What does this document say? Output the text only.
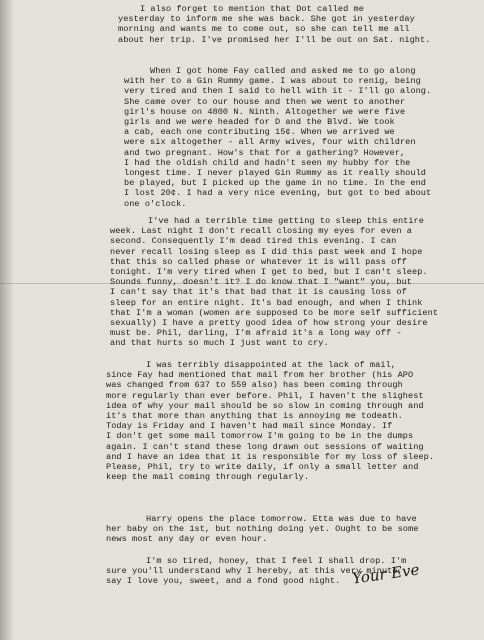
I also forget to mention that Dot called me
yesterday to inform me she was back. She got in yesterday
morning and wants me to come out, so she can tell me all
about her trip. I've promised her I'll be out on Sat. night.
When I got home Fay called and asked me to go along
with her to a Gin Rummy game. I was about to renig, being
very tired and then I said to hell with it - I'll go along.
She came over to our house and then we went to another
girl's house on 4800 N. Ninth. Altogether we were five
girls and we were headed for D and the Blvd. We took
a cab, each one contributing 15¢. When we arrived we
were six altogether - all Army wives, four with children
and two pregnant. How's that for a gathering? However,
I had the oldish child and hadn't seen my hubby for the
longest time. I never played Gin Rummy as it really should
be played, but I picked up the game in no time. In the end
I lost 20¢. I had a very nice evening, but got to bed about
one o'clock.
I've had a terrible time getting to sleep this entire
week. Last night I don't recall closing my eyes for even a
second. Consequently I'm dead tired this evening. I can
never recall losing sleep as I did this past week and I hope
that this so called phase or whatever it is will pass off
tonight. I'm very tired when I get to bed, but I can't sleep.
Sounds funny, doesn't it? I do know that I "want" you, but
I can't say that it's that bad that it is causing loss of
sleep for an entire night. It's bad enough, and when I think
that I'm a woman (women are supposed to be more self sufficient
sexually) I have a pretty good idea of how strong your desire
must be. Phil, darling, I'm afraid it's a long way off -
and that hurts so much I just want to cry.
I was terribly disappointed at the lack of mail,
since Fay had mentioned that mail from her brother (his APO
was changed from 637 to 559 also) has been coming through
more regularly than ever before. Phil, I haven't the slighest
idea of why your mail should be so slow in coming through and
it's that more than anything that is annoying me todeath.
Today is Friday and I haven't had mail since Monday. If
I don't get some mail tomorrow I'm going to be in the dumps
again. I can't stand these long drawn out sessions of waiting
and I have an idea that it is responsible for my loss of sleep.
Please, Phil, try to write daily, if only a small letter and
keep the mail coming through regularly.
Harry opens the place tomorrow. Etta was due to have
her baby on the 1st, but nothing doing yet. Ought to be some
news most any day or even hour.
I'm so tired, honey, that I feel I shall drop. I'm
sure you'll understand why I hereby, at this very minute,
say I love you, sweet, and a fond good night. Your Eve
